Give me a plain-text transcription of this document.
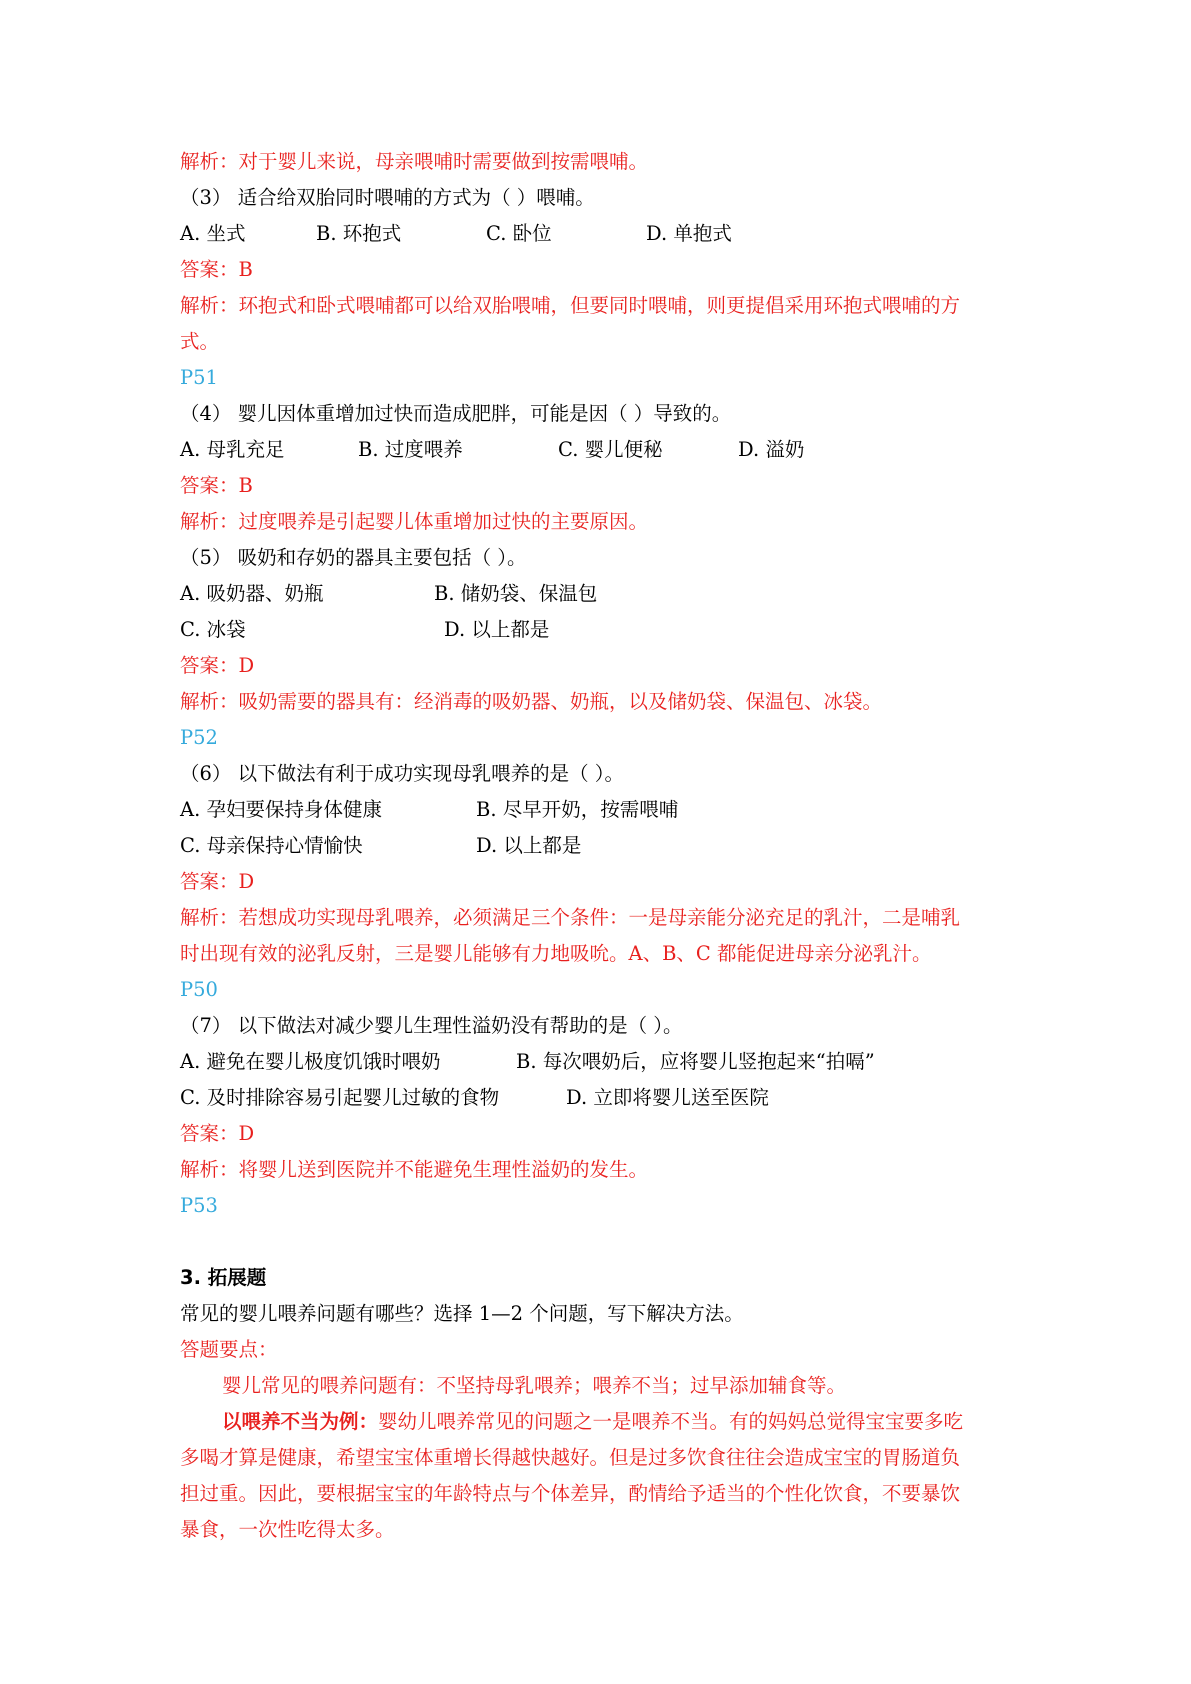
解析：对于婴儿来说，母亲喂哺时需要做到按需喂哺。
（3） 适合给双胎同时喂哺的方式为（ ）喂哺。
A. 坐式	B. 环抱式	C. 卧位	D. 单抱式
答案：B
解析：环抱式和卧式喂哺都可以给双胎喂哺，但要同时喂哺，则更提倡采用环抱式喂哺的方
式。
P51
（4） 婴儿因体重增加过快而造成肥胖，可能是因（ ）导致的。
A. 母乳充足	B. 过度喂养	C. 婴儿便秘	D. 溢奶
答案：B
解析：过度喂养是引起婴儿体重增加过快的主要原因。
（5） 吸奶和存奶的器具主要包括（ ）。
A. 吸奶器、奶瓶	B. 储奶袋、保温包
C. 冰袋	D. 以上都是
答案：D
解析：吸奶需要的器具有：经消毒的吸奶器、奶瓶，以及储奶袋、保温包、冰袋。
P52
（6） 以下做法有利于成功实现母乳喂养的是（ ）。
A. 孕妇要保持身体健康	B. 尽早开奶，按需喂哺
C. 母亲保持心情愉快	D. 以上都是
答案：D
解析：若想成功实现母乳喂养，必须满足三个条件：一是母亲能分泌充足的乳汁，二是哺乳
时出现有效的泌乳反射，三是婴儿能够有力地吸吮。A、B、C 都能促进母亲分泌乳汁。
P50
（7） 以下做法对减少婴儿生理性溢奶没有帮助的是（ ）。
A. 避免在婴儿极度饥饿时喂奶	B. 每次喂奶后，应将婴儿竖抱起来“拍嗝”
C. 及时排除容易引起婴儿过敏的食物	D. 立即将婴儿送至医院
答案：D
解析：将婴儿送到医院并不能避免生理性溢奶的发生。
P53
3. 拓展题
常见的婴儿喂养问题有哪些？选择 1—2 个问题，写下解决方法。
答题要点：
婴儿常见的喂养问题有：不坚持母乳喂养；喂养不当；过早添加辅食等。
以喂养不当为例：婴幼儿喂养常见的问题之一是喂养不当。有的妈妈总觉得宝宝要多吃
多喝才算是健康，希望宝宝体重增长得越快越好。但是过多饮食往往会造成宝宝的胃肠道负
担过重。因此，要根据宝宝的年龄特点与个体差异，酌情给予适当的个性化饮食，不要暴饮
暴食，一次性吃得太多。
